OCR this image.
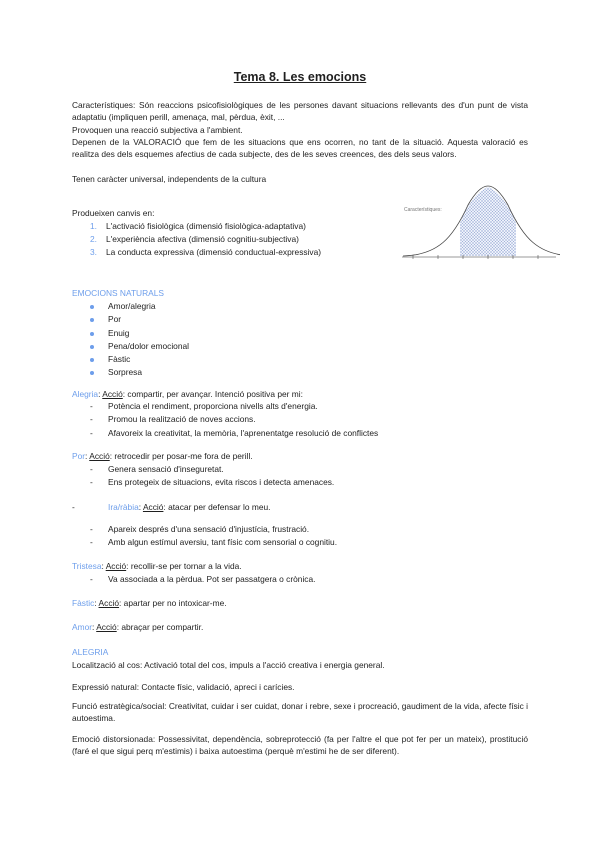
Tema 8. Les emocions
Característiques: Són reaccions psicofisiològiques de les persones davant situacions rellevants des d'un punt de vista adaptatiu (impliquen perill, amenaça, mal, pèrdua, èxit, ...
Provoquen una reacció subjectiva a l'ambient.
Depenen de la VALORACIÓ que fem de les situacions que ens ocorren, no tant de la situació. Aquesta valoració es realitza des dels esquemes afectius de cada subjecte, des de les seves creences, des dels seus valors.
Tenen caràcter universal, independents de la cultura
Produeixen canvis en:
1. L'activació fisiològica (dimensió fisiològica-adaptativa)
2. L'experiència afectiva (dimensió cognitiu-subjectiva)
3. La conducta expressiva (dimensió conductual-expressiva)
Característiques:
EMOCIONS NATURALS
Amor/alegria
Por
Enuig
Pena/dolor emocional
Fàstic
Sorpresa
Alegria: Acció: compartir, per avançar. Intenció positiva per mi:
- Potència el rendiment, proporciona nivells alts d'energia.
- Promou la realització de noves accions.
- Afavoreix la creativitat, la memòria, l'aprenentatge resolució de conflictes
Por: Acció: retrocedir per posar-me fora de perill.
- Genera sensació d'inseguretat.
- Ens protegeix de situacions, evita riscos i detecta amenaces.
-	Ira/ràbia: Acció: atacar per defensar lo meu.
- Apareix després d'una sensació d'injustícia, frustració.
- Amb algun estímul aversiu, tant físic com sensorial o cognitiu.
Tristesa: Acció: recollir-se per tornar a la vida.
- Va associada a la pèrdua. Pot ser passatgera o crònica.
Fàstic: Acció: apartar per no intoxicar-me.
Amor: Acció: abraçar per compartir.
ALEGRIA
Localització al cos: Activació total del cos, impuls a l'acció creativa i energia general.
Expressió natural: Contacte físic, validació, apreci i carícies.
Funció estratègica/social: Creativitat, cuidar i ser cuidat, donar i rebre, sexe i procreació, gaudiment de la vida, afecte físic i autoestima.
Emoció distorsionada: Possessivitat, dependència, sobreprotecció (fa per l'altre el que pot fer per un mateix), prostitució (faré el que sigui perq m'estimis) i baixa autoestima (perquè m'estimi he de ser diferent).
